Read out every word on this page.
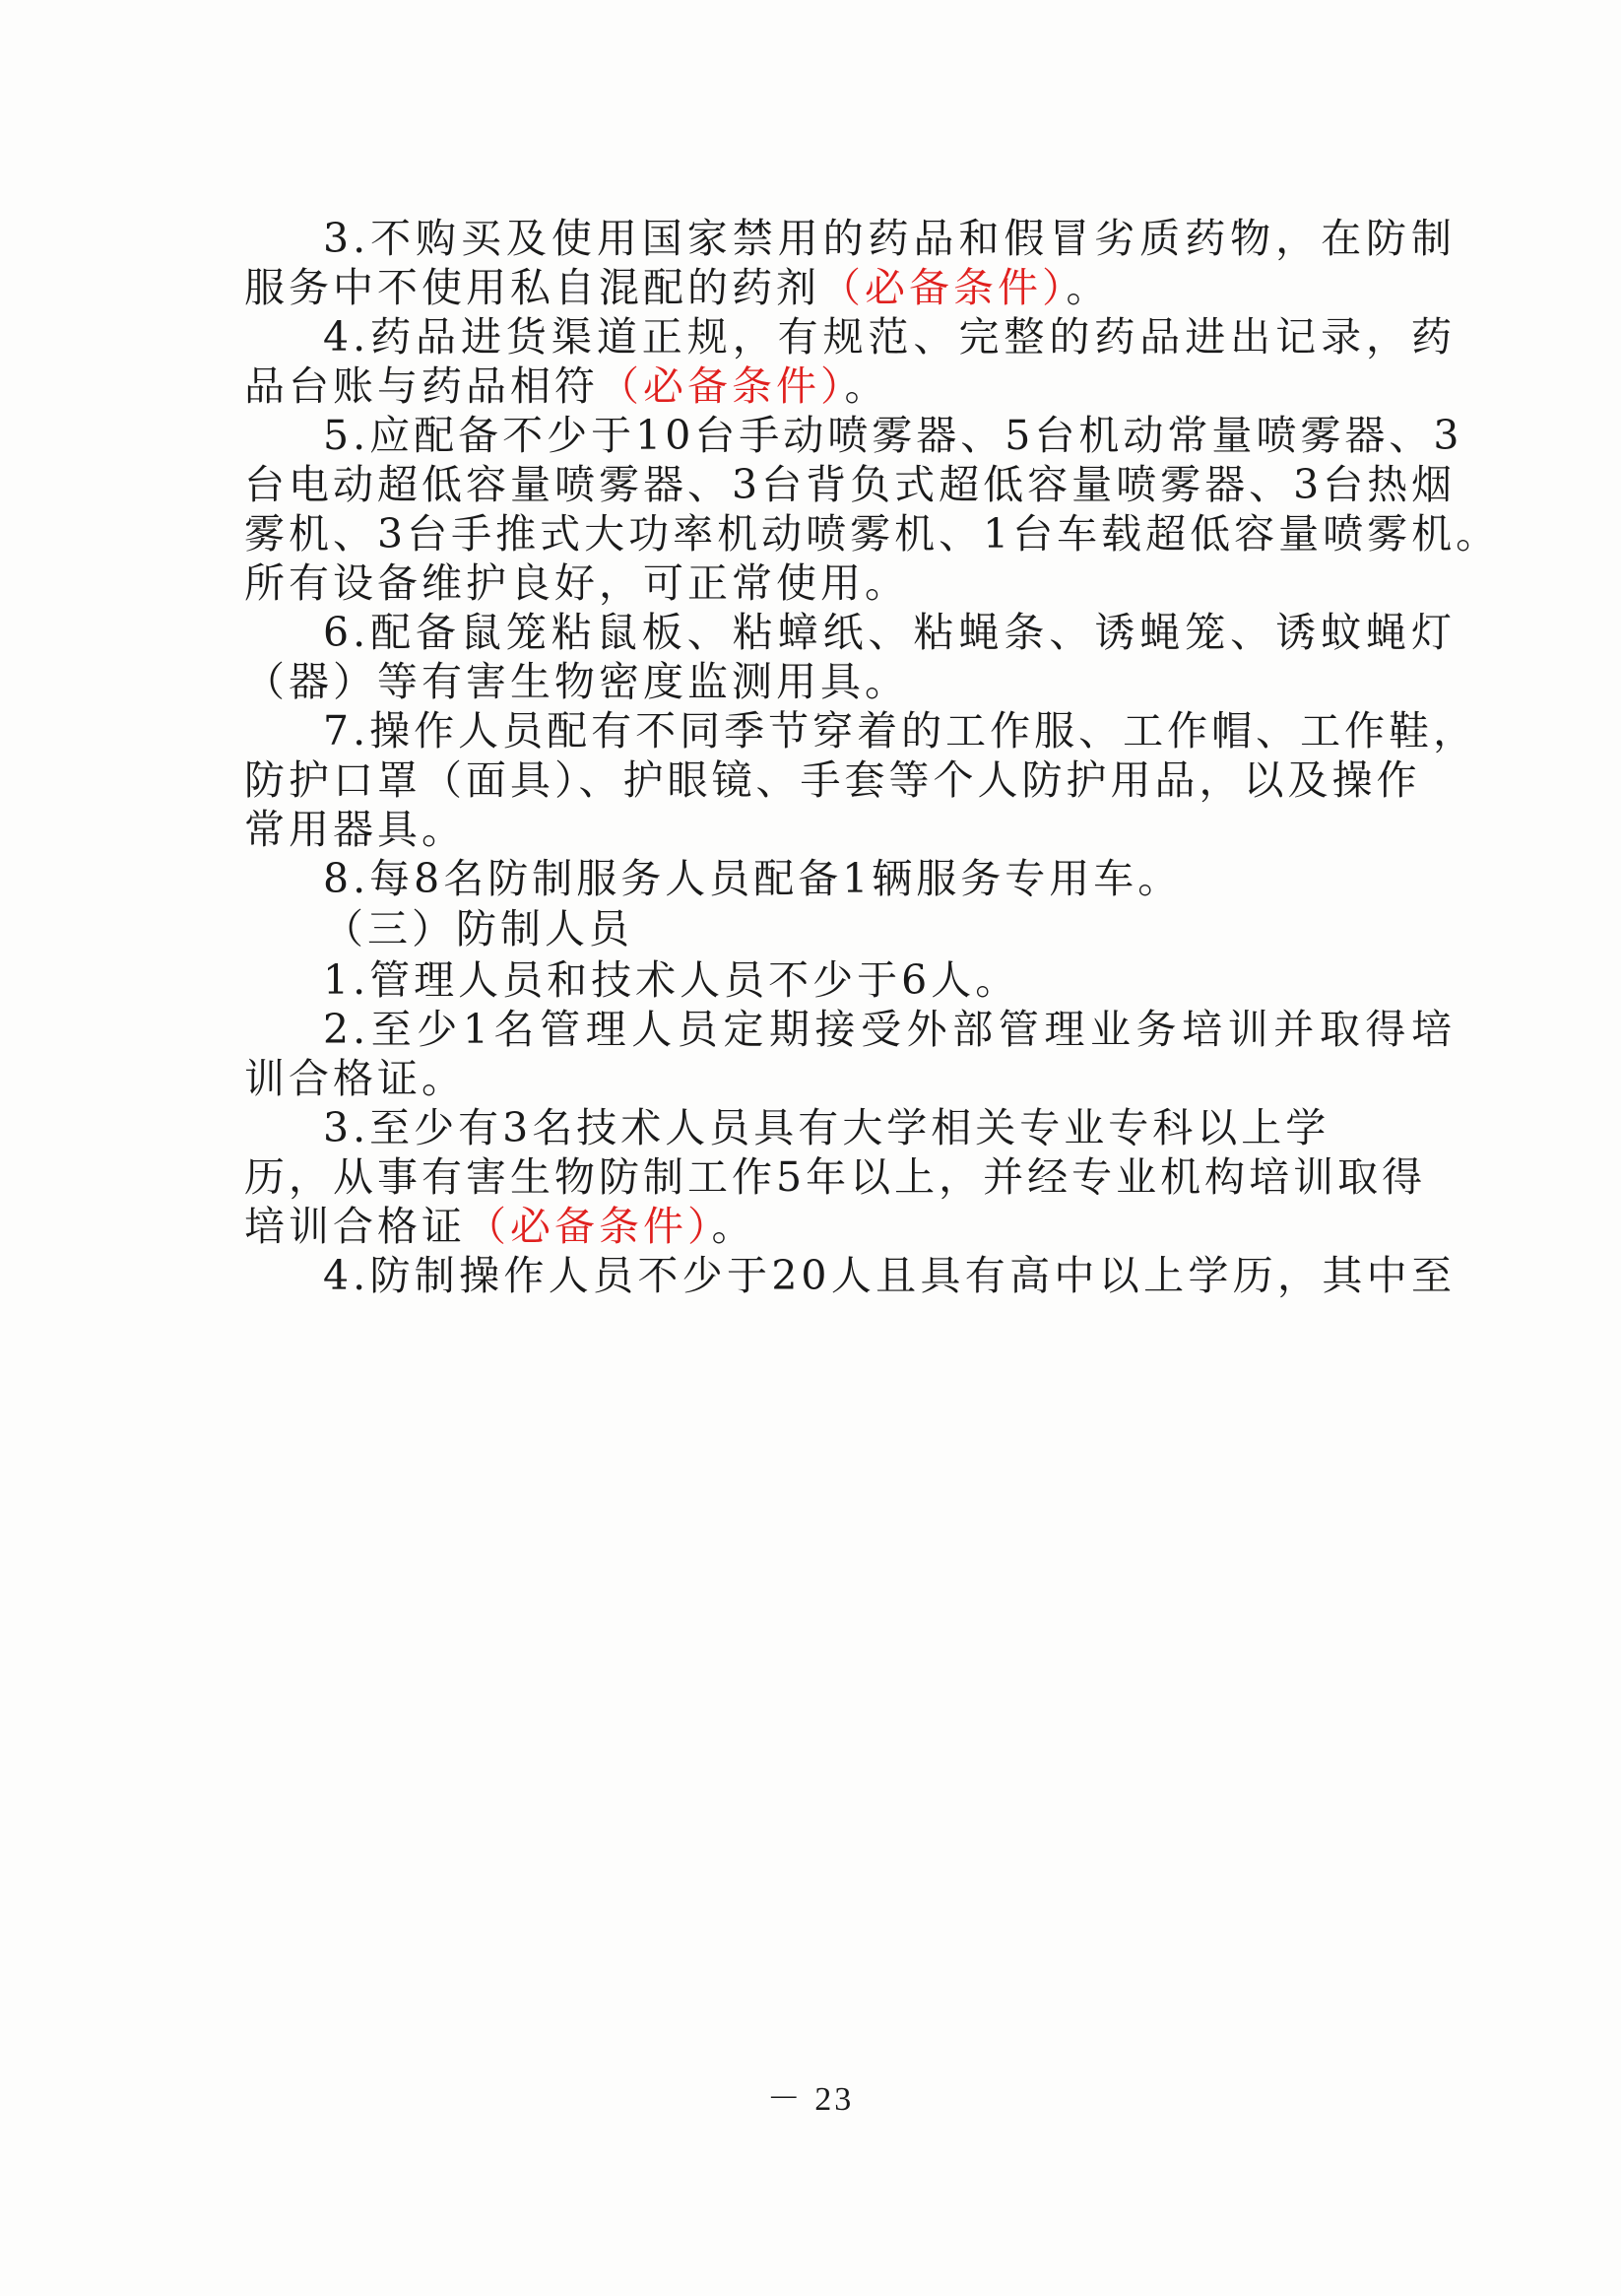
3.不购买及使用国家禁用的药品和假冒劣质药物，在防制
服务中不使用私自混配的药剂（必备条件）。
4.药品进货渠道正规，有规范、完整的药品进出记录，药
品台账与药品相符（必备条件）。
5.应配备不少于10台手动喷雾器、5台机动常量喷雾器、3
台电动超低容量喷雾器、3台背负式超低容量喷雾器、3台热烟
雾机、3台手推式大功率机动喷雾机、1台车载超低容量喷雾机。
所有设备维护良好，可正常使用。
6.配备鼠笼粘鼠板、粘蟑纸、粘蝇条、诱蝇笼、诱蚊蝇灯
（器）等有害生物密度监测用具。
7.操作人员配有不同季节穿着的工作服、工作帽、工作鞋，
防护口罩（面具）、护眼镜、手套等个人防护用品，以及操作
常用器具。
8.每8名防制服务人员配备1辆服务专用车。
（三）防制人员
1.管理人员和技术人员不少于6人。
2.至少1名管理人员定期接受外部管理业务培训并取得培
训合格证。
3.至少有3名技术人员具有大学相关专业专科以上学
历，从事有害生物防制工作5年以上，并经专业机构培训取得
培训合格证（必备条件）。
4.防制操作人员不少于20人且具有高中以上学历，其中至
－ 23
